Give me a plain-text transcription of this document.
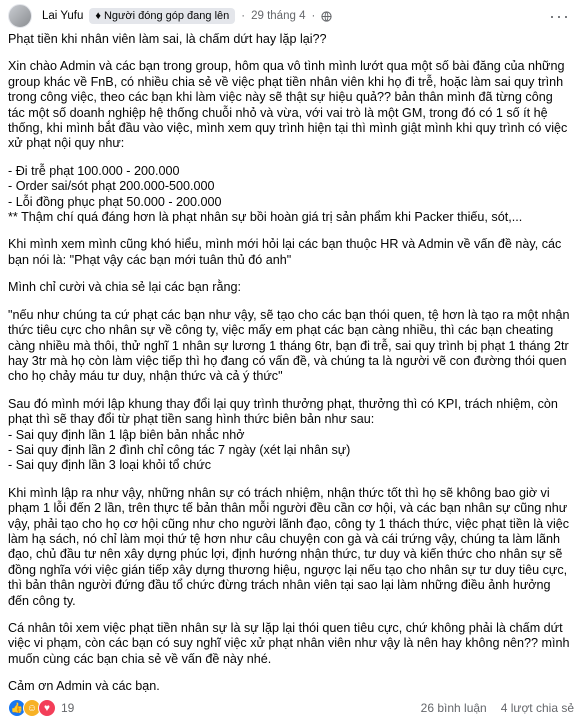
Lai Yufu ♦ Người đóng góp đang lên · 29 tháng 4 ·	···

Phạt tiền khi nhân viên làm sai, là chấm dứt hay lặp lại??

Xin chào Admin và các bạn trong group, hôm qua vô tình mình lướt qua một số bài đăng của những group khác về FnB, có nhiều chia sẻ về việc phạt tiền nhân viên khi họ đi trễ, hoặc làm sai quy trình trong công việc, theo các bạn khi làm việc này sẽ thật sự hiệu quả?? bản thân mình đã từng công tác một số doanh nghiệp hệ thống chuỗi nhỏ và vừa, với vai trò là một GM, trong đó có 1 số ít hệ thống, khi mình bắt đầu vào việc, mình xem quy trình hiện tại thì mình giật mình khi quy trình có việc xử phạt nội quy như:

- Đi trễ phạt 100.000 - 200.000
- Order sai/sót phạt 200.000-500.000
- Lỗi đồng phục phạt 50.000 - 200.000
** Thậm chí quá đáng hơn là phạt nhân sự bồi hoàn giá trị sản phẩm khi Packer thiếu, sót,...

Khi mình xem mình cũng khó hiểu, mình mới hỏi lại các bạn thuộc HR và Admin về vấn đề này, các bạn nói là: "Phạt vậy các bạn mới tuân thủ đó anh"

Mình chỉ cười và chia sẻ lại các bạn rằng:

"nếu như chúng ta cứ phạt các bạn như vậy, sẽ tạo cho các bạn thói quen, tệ hơn là tạo ra một nhận thức tiêu cực cho nhân sự về công ty, việc mấy em phạt các bạn càng nhiều, thì các bạn cheating càng nhiều mà thôi, thử nghĩ 1 nhân sự lương 1 tháng 6tr, bạn đi trễ, sai quy trình bị phạt 1 tháng 2tr hay 3tr mà họ còn làm việc tiếp thì họ đang có vấn đề, và chúng ta là người vẽ con đường thói quen cho họ chảy máu tư duy, nhận thức và cả ý thức"

Sau đó mình mới lập khung thay đổi lại quy trình thưởng phạt, thưởng thì có KPI, trách nhiệm, còn phạt thì sẽ thay đổi từ phạt tiền sang hình thức biên bản như sau:

- Sai quy định lần 1 lập biên bản nhắc nhở
- Sai quy định lần 2 đình chỉ công tác 7 ngày (xét lại nhân sự)
- Sai quy định lần 3 loại khỏi tổ chức

Khi mình lập ra như vậy, những nhân sự có trách nhiệm, nhận thức tốt thì họ sẽ không bao giờ vi phạm 1 lỗi đến 2 lần, trên thực tế bản thân mỗi người đều cần cơ hội, và các bạn nhân sự cũng như vậy, phải tạo cho họ cơ hội cũng như cho người lãnh đạo, công ty 1 thách thức, việc phạt tiền là việc làm hạ sách, nó chỉ làm mọi thứ tệ hơn như câu chuyện con gà và cái trứng vậy, chúng ta làm lãnh đạo, chủ đầu tư nên xây dựng phúc lợi, định hướng nhận thức, tư duy và kiến thức cho nhân sự sẽ đồng nghĩa với việc gián tiếp xây dựng thương hiệu, ngược lại nếu tạo cho nhân sự tư duy tiêu cực, thì bản thân người đứng đầu tổ chức đừng trách nhân viên tại sao lại làm những điều ảnh hưởng đến công ty.

Cá nhân tôi xem việc phạt tiền nhân sự là sự lặp lại thói quen tiêu cực, chứ không phải là chấm dứt việc vi phạm, còn các bạn có suy nghĩ việc xử phạt nhân viên như vậy là nên hay không nên?? mình muốn cùng các bạn chia sẻ về vấn đề này nhé.

Cảm ơn Admin và các bạn.

👍 ☺ ♥ 19	26 bình luận 4 lượt chia sẻ
